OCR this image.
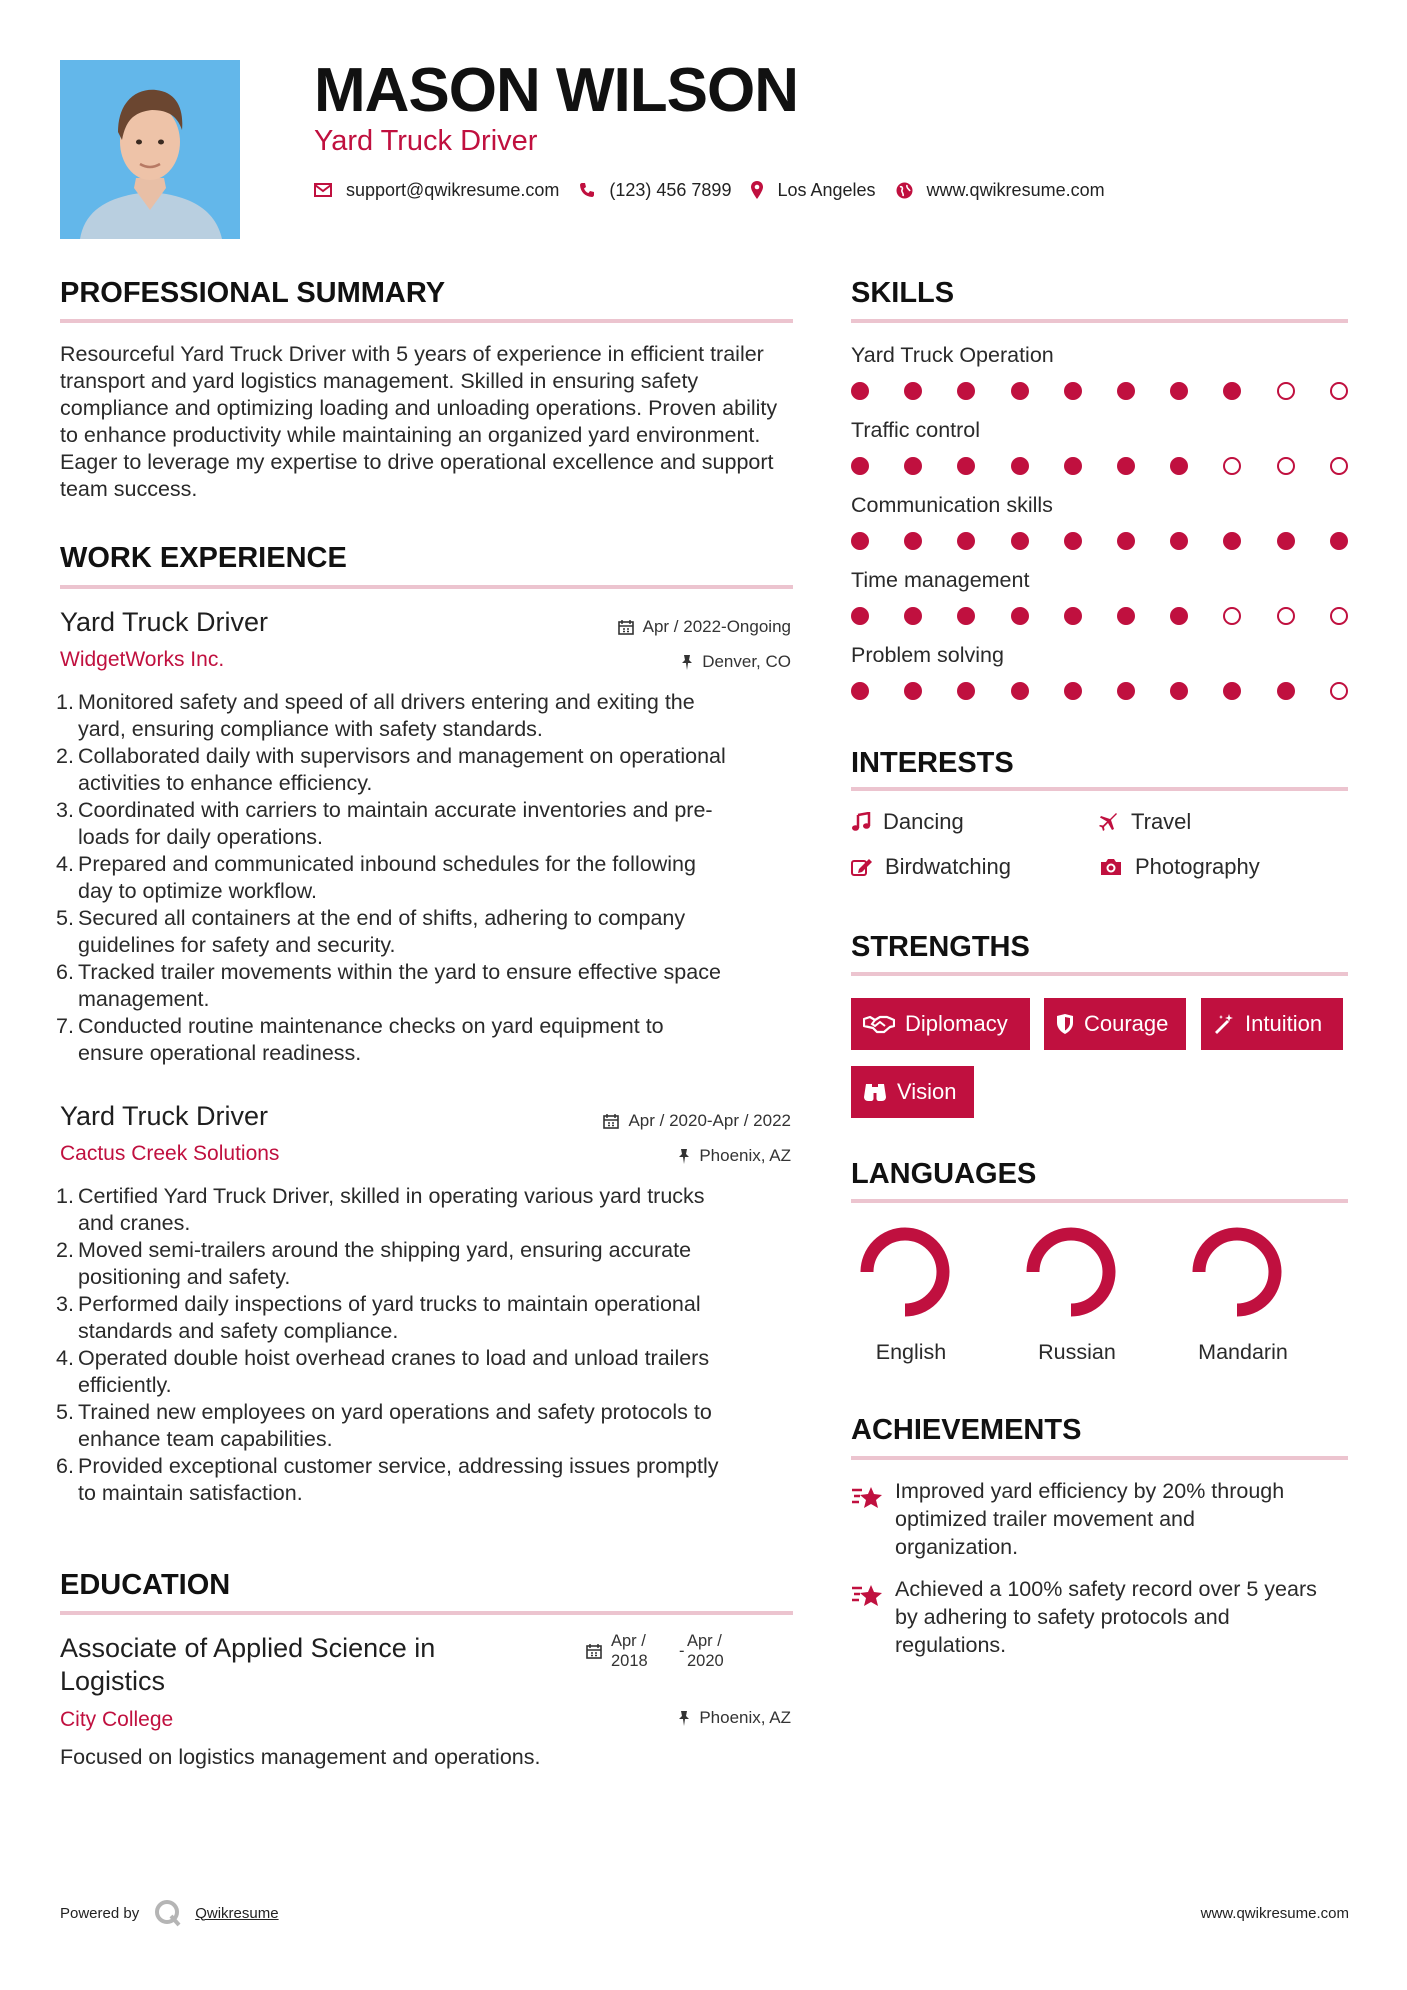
MASON WILSON
Yard Truck Driver
support@qwikresume.com	(123) 456 7899	Los Angeles	www.qwikresume.com
PROFESSIONAL SUMMARY
Resourceful Yard Truck Driver with 5 years of experience in efficient trailer transport and yard logistics management. Skilled in ensuring safety compliance and optimizing loading and unloading operations. Proven ability to enhance productivity while maintaining an organized yard environment. Eager to leverage my expertise to drive operational excellence and support team success.
WORK EXPERIENCE
Yard Truck Driver	Apr / 2022-Ongoing
WidgetWorks Inc.	Denver, CO
1. Monitored safety and speed of all drivers entering and exiting the
yard, ensuring compliance with safety standards.
2. Collaborated daily with supervisors and management on operational
activities to enhance efficiency.
3. Coordinated with carriers to maintain accurate inventories and pre-
loads for daily operations.
4. Prepared and communicated inbound schedules for the following
day to optimize workflow.
5. Secured all containers at the end of shifts, adhering to company
guidelines for safety and security.
6. Tracked trailer movements within the yard to ensure effective space
management.
7. Conducted routine maintenance checks on yard equipment to
ensure operational readiness.
Yard Truck Driver	Apr / 2020-Apr / 2022
Cactus Creek Solutions	Phoenix, AZ
1. Certified Yard Truck Driver, skilled in operating various yard trucks
and cranes.
2. Moved semi-trailers around the shipping yard, ensuring accurate
positioning and safety.
3. Performed daily inspections of yard trucks to maintain operational
standards and safety compliance.
4. Operated double hoist overhead cranes to load and unload trailers
efficiently.
5. Trained new employees on yard operations and safety protocols to
enhance team capabilities.
6. Provided exceptional customer service, addressing issues promptly
to maintain satisfaction.
EDUCATION
Associate of Applied Science in
Logistics
Apr /
2018
-
Apr /
2020
City College	Phoenix, AZ
Focused on logistics management and operations.
SKILLS
Yard Truck Operation
Traffic control
Communication skills
Time management
Problem solving
INTERESTS
Dancing	Travel
Birdwatching	Photography
STRENGTHS
Diplomacy	Courage	Intuition
Vision
LANGUAGES
English	Russian	Mandarin
ACHIEVEMENTS
Improved yard efficiency by 20% through
optimized trailer movement and
organization.
Achieved a 100% safety record over 5 years
by adhering to safety protocols and
regulations.
Powered by	Qwikresume	www.qwikresume.com
